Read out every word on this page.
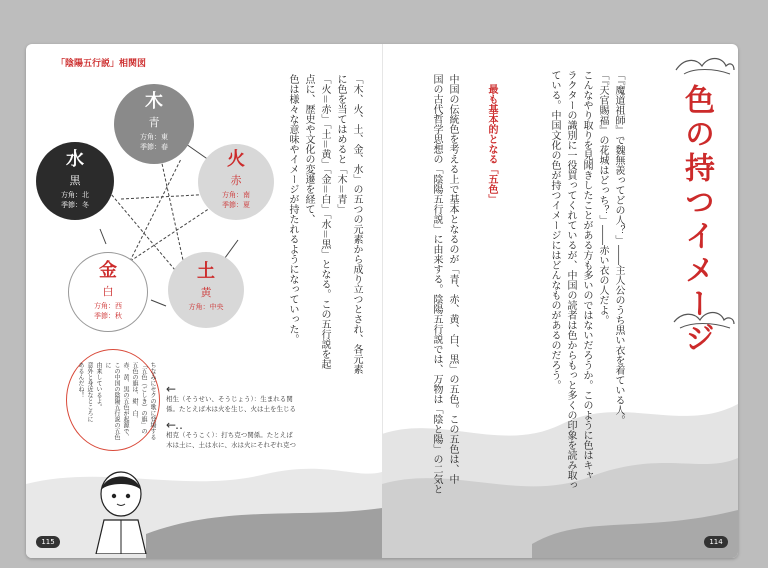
「陰陽五行説」相関図
木
青
方角：東
季節：春
火
赤
方角：南
季節：夏
土
黄
方角：中央
金
白
方角：西
季節：秋
水
黒
方角：北
季節：冬	「木、火、土、金、水」の五つの元素から成り立つとされ、各元素に色を当てはめると「木＝青」
「火＝赤」「土＝黄」「金＝白」「水＝黒」となる。この五行説を起点に、歴史や文化の変遷を経て、
色は様々な意味やイメージが持たれるようになっていった。
ちなみにセクの歌に登場する
「五色（ごしき）の旗」の
五色の旗は、紺、白、
赤、黄、黒の五色が起源で、
この中国の陰陽五行説の五色に
由来しているよ。
意外と身近なところに
あるんだね！	←
相生（そうせい、そうじょう）：生まれる関係。たとえば木は火を生じ、火は土を生じる
←‥
相克（そうこく）：打ち克つ関係。たとえば木は土に、土は水に、水は火にそれぞれ克つ
115
色の持つイメージ
「『魔道祖師』で魏無羨ってどの人？」――主人公のうち黒い衣を着ている人。
「『天官賜福』の花城はどっち？」――赤い衣の人だよ。
こんなやり取りを見聞きしたことがある方も多いのではないだろうか。このように色はキャ
ラクターの識別に一役買ってくれているが、中国の読者は色からもっと多くの印象を読み取っ
ている。中国文化の色が持つイメージにはどんなものがあるのだろう。
最も基本的となる「五色」
中国の伝統色を考える上で基本となるのが「青、赤、黄、白、黒」の五色。この五色は、中
国の古代哲学思想の「陰陽五行説」に由来する。陰陽五行説では、万物は「陰と陽」の二気と
114
